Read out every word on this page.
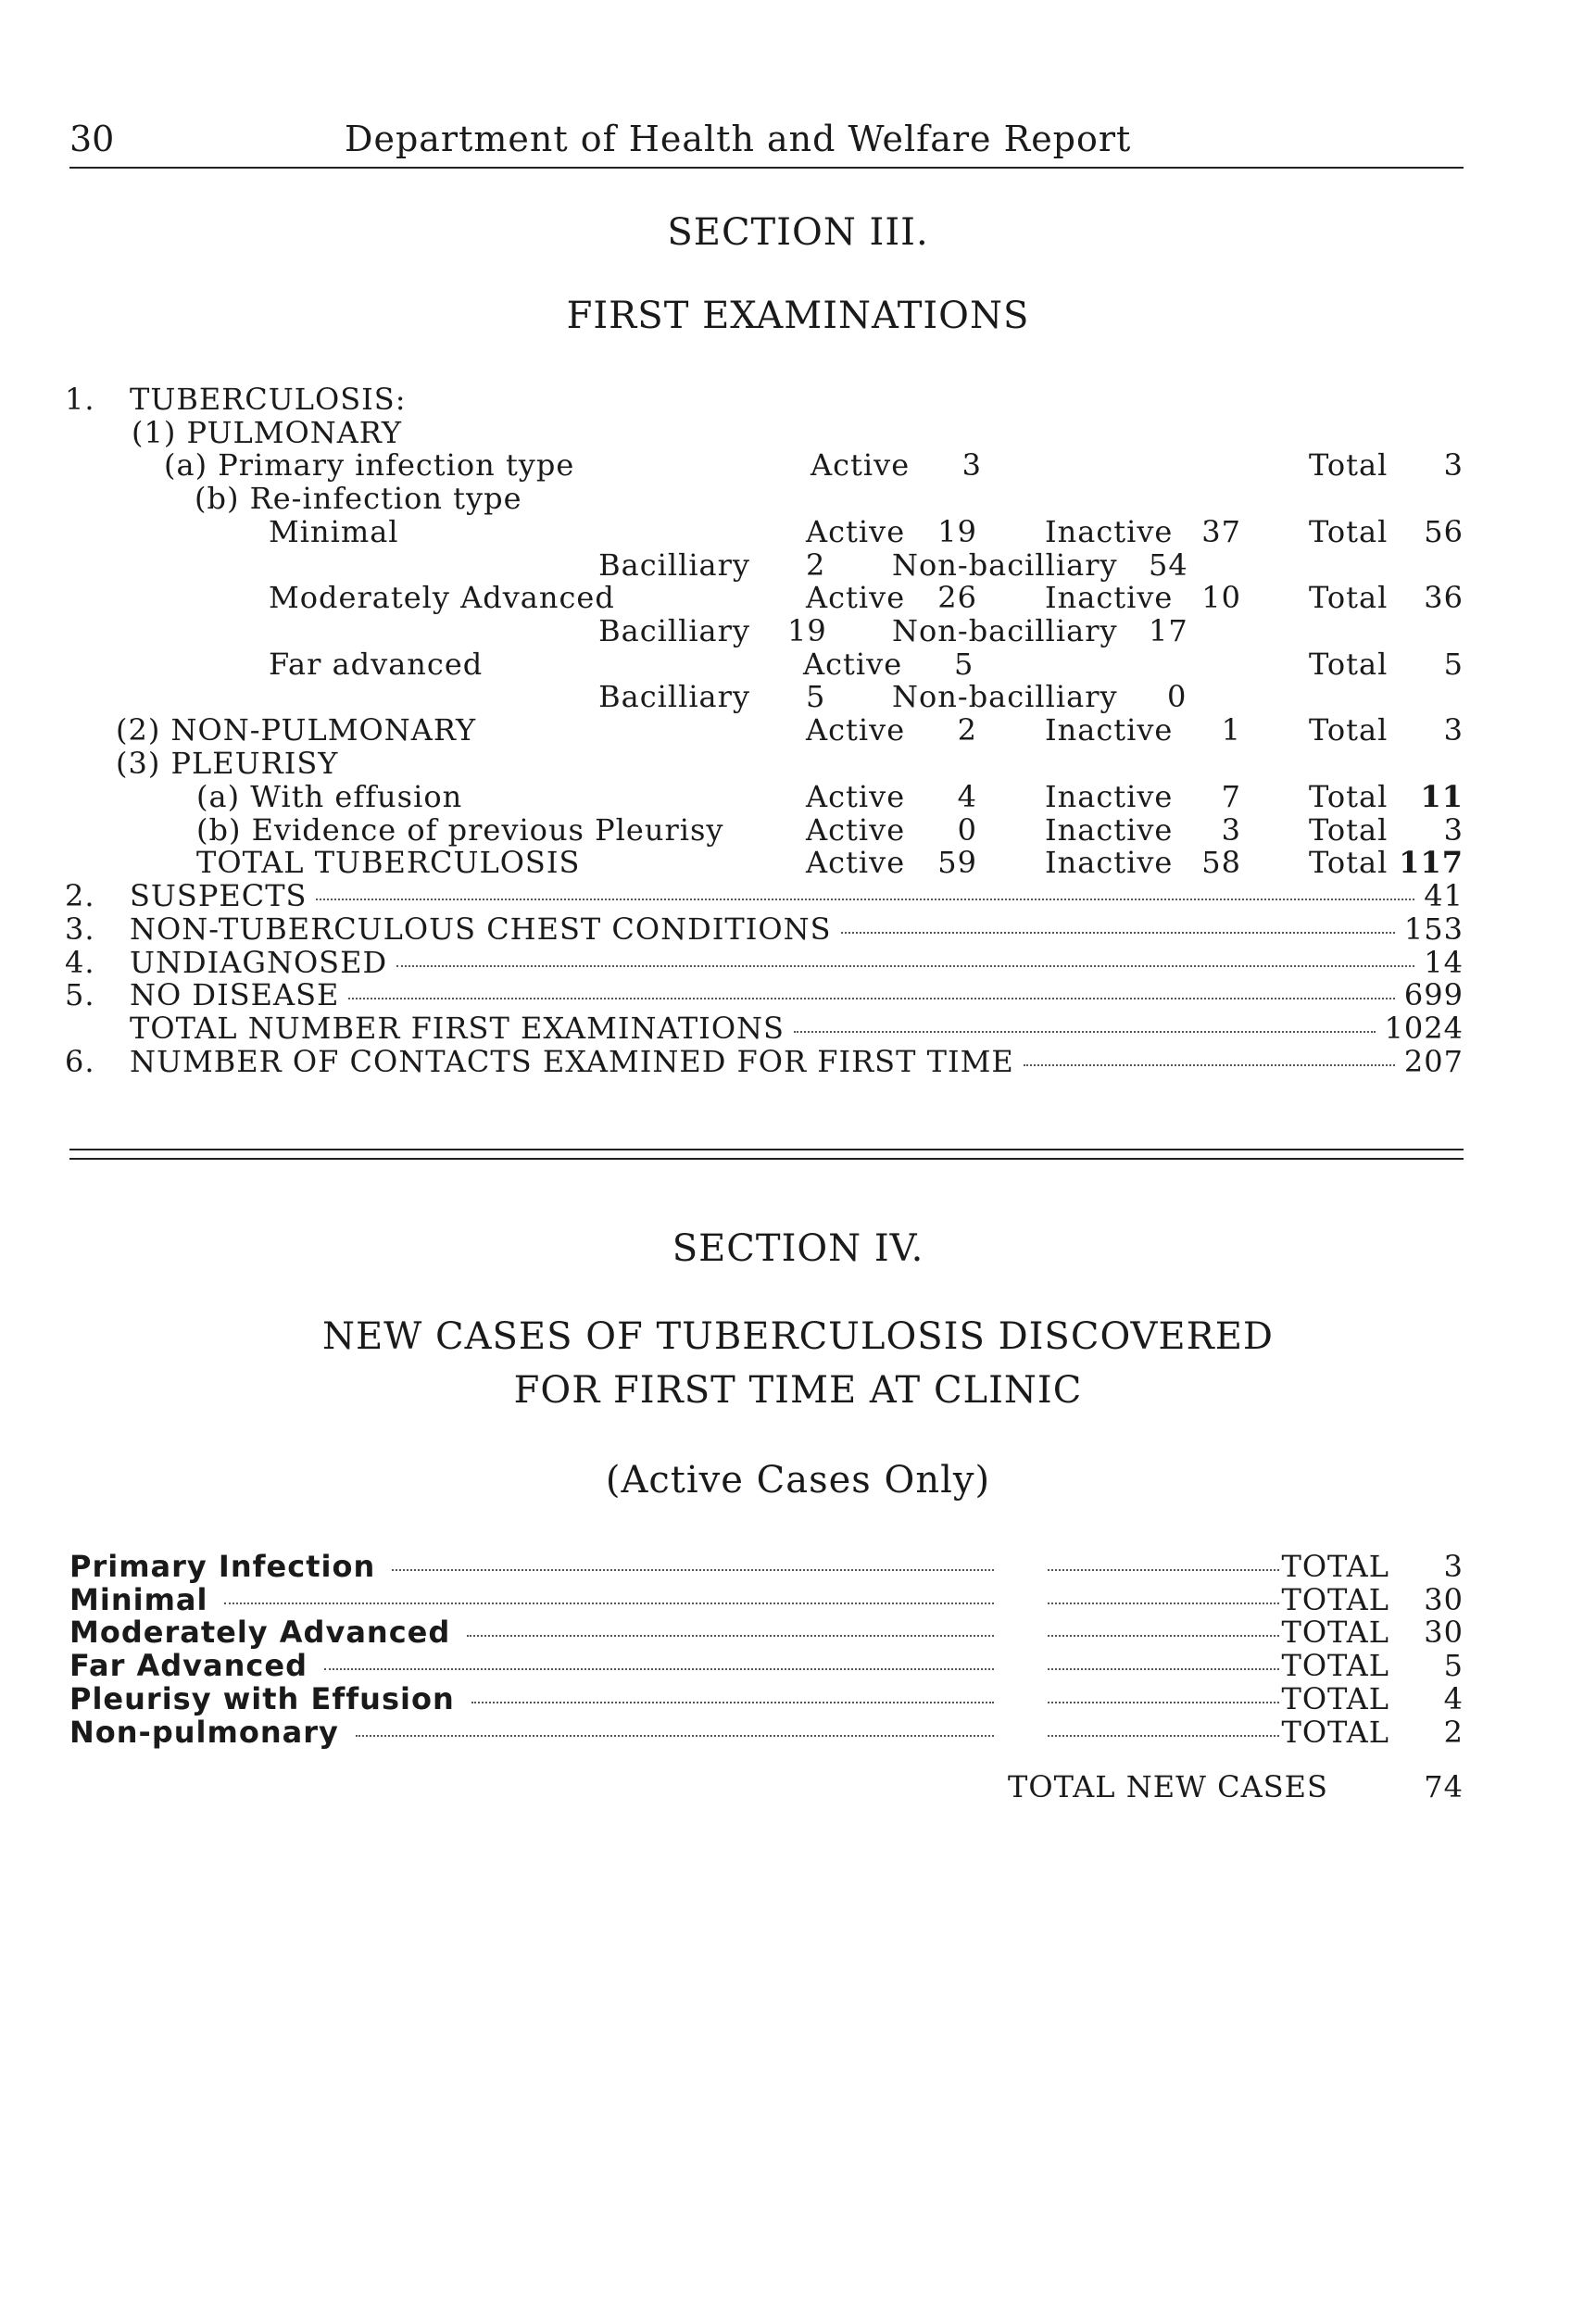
30	Department of Health and Welfare Report
SECTION III.
FIRST EXAMINATIONS
1. TUBERCULOSIS:
(1) PULMONARY
(a) Primary infection type	Active	3	Total	3
(b) Re-infection type
Minimal	Active	19 Inactive 37 Total	56
Bacilliary 2 Non-bacilliary 54
Moderately Advanced	Active	26 Inactive 10 Total	36
Bacilliary 19 Non-bacilliary 17
Far advanced	Active 5	Total	5
Bacilliary 5 Non-bacilliary 0
(2) NON-PULMONARY	Active	2 Inactive	1 Total	3
(3) PLEURISY
(a) With effusion	Active	4 Inactive	7 Total	11
(b) Evidence of previous Pleurisy	Active	0 Inactive	3 Total	3
TOTAL TUBERCULOSIS	Active	59 Inactive 58 Total 117
2. SUSPECTS	41
3. NON-TUBERCULOUS CHEST CONDITIONS	153
4. UNDIAGNOSED	14
5. NO DISEASE	699
TOTAL NUMBER FIRST EXAMINATIONS	1024
6. NUMBER OF CONTACTS EXAMINED FOR FIRST TIME	207
SECTION IV.
NEW CASES OF TUBERCULOSIS DISCOVERED
FOR FIRST TIME AT CLINIC
(Active Cases Only)
Primary Infection	TOTAL	3
Minimal	TOTAL	30
Moderately Advanced	TOTAL	30
Far Advanced	TOTAL	5
Pleurisy with Effusion	TOTAL	4
Non-pulmonary	TOTAL	2
TOTAL NEW CASES	74
